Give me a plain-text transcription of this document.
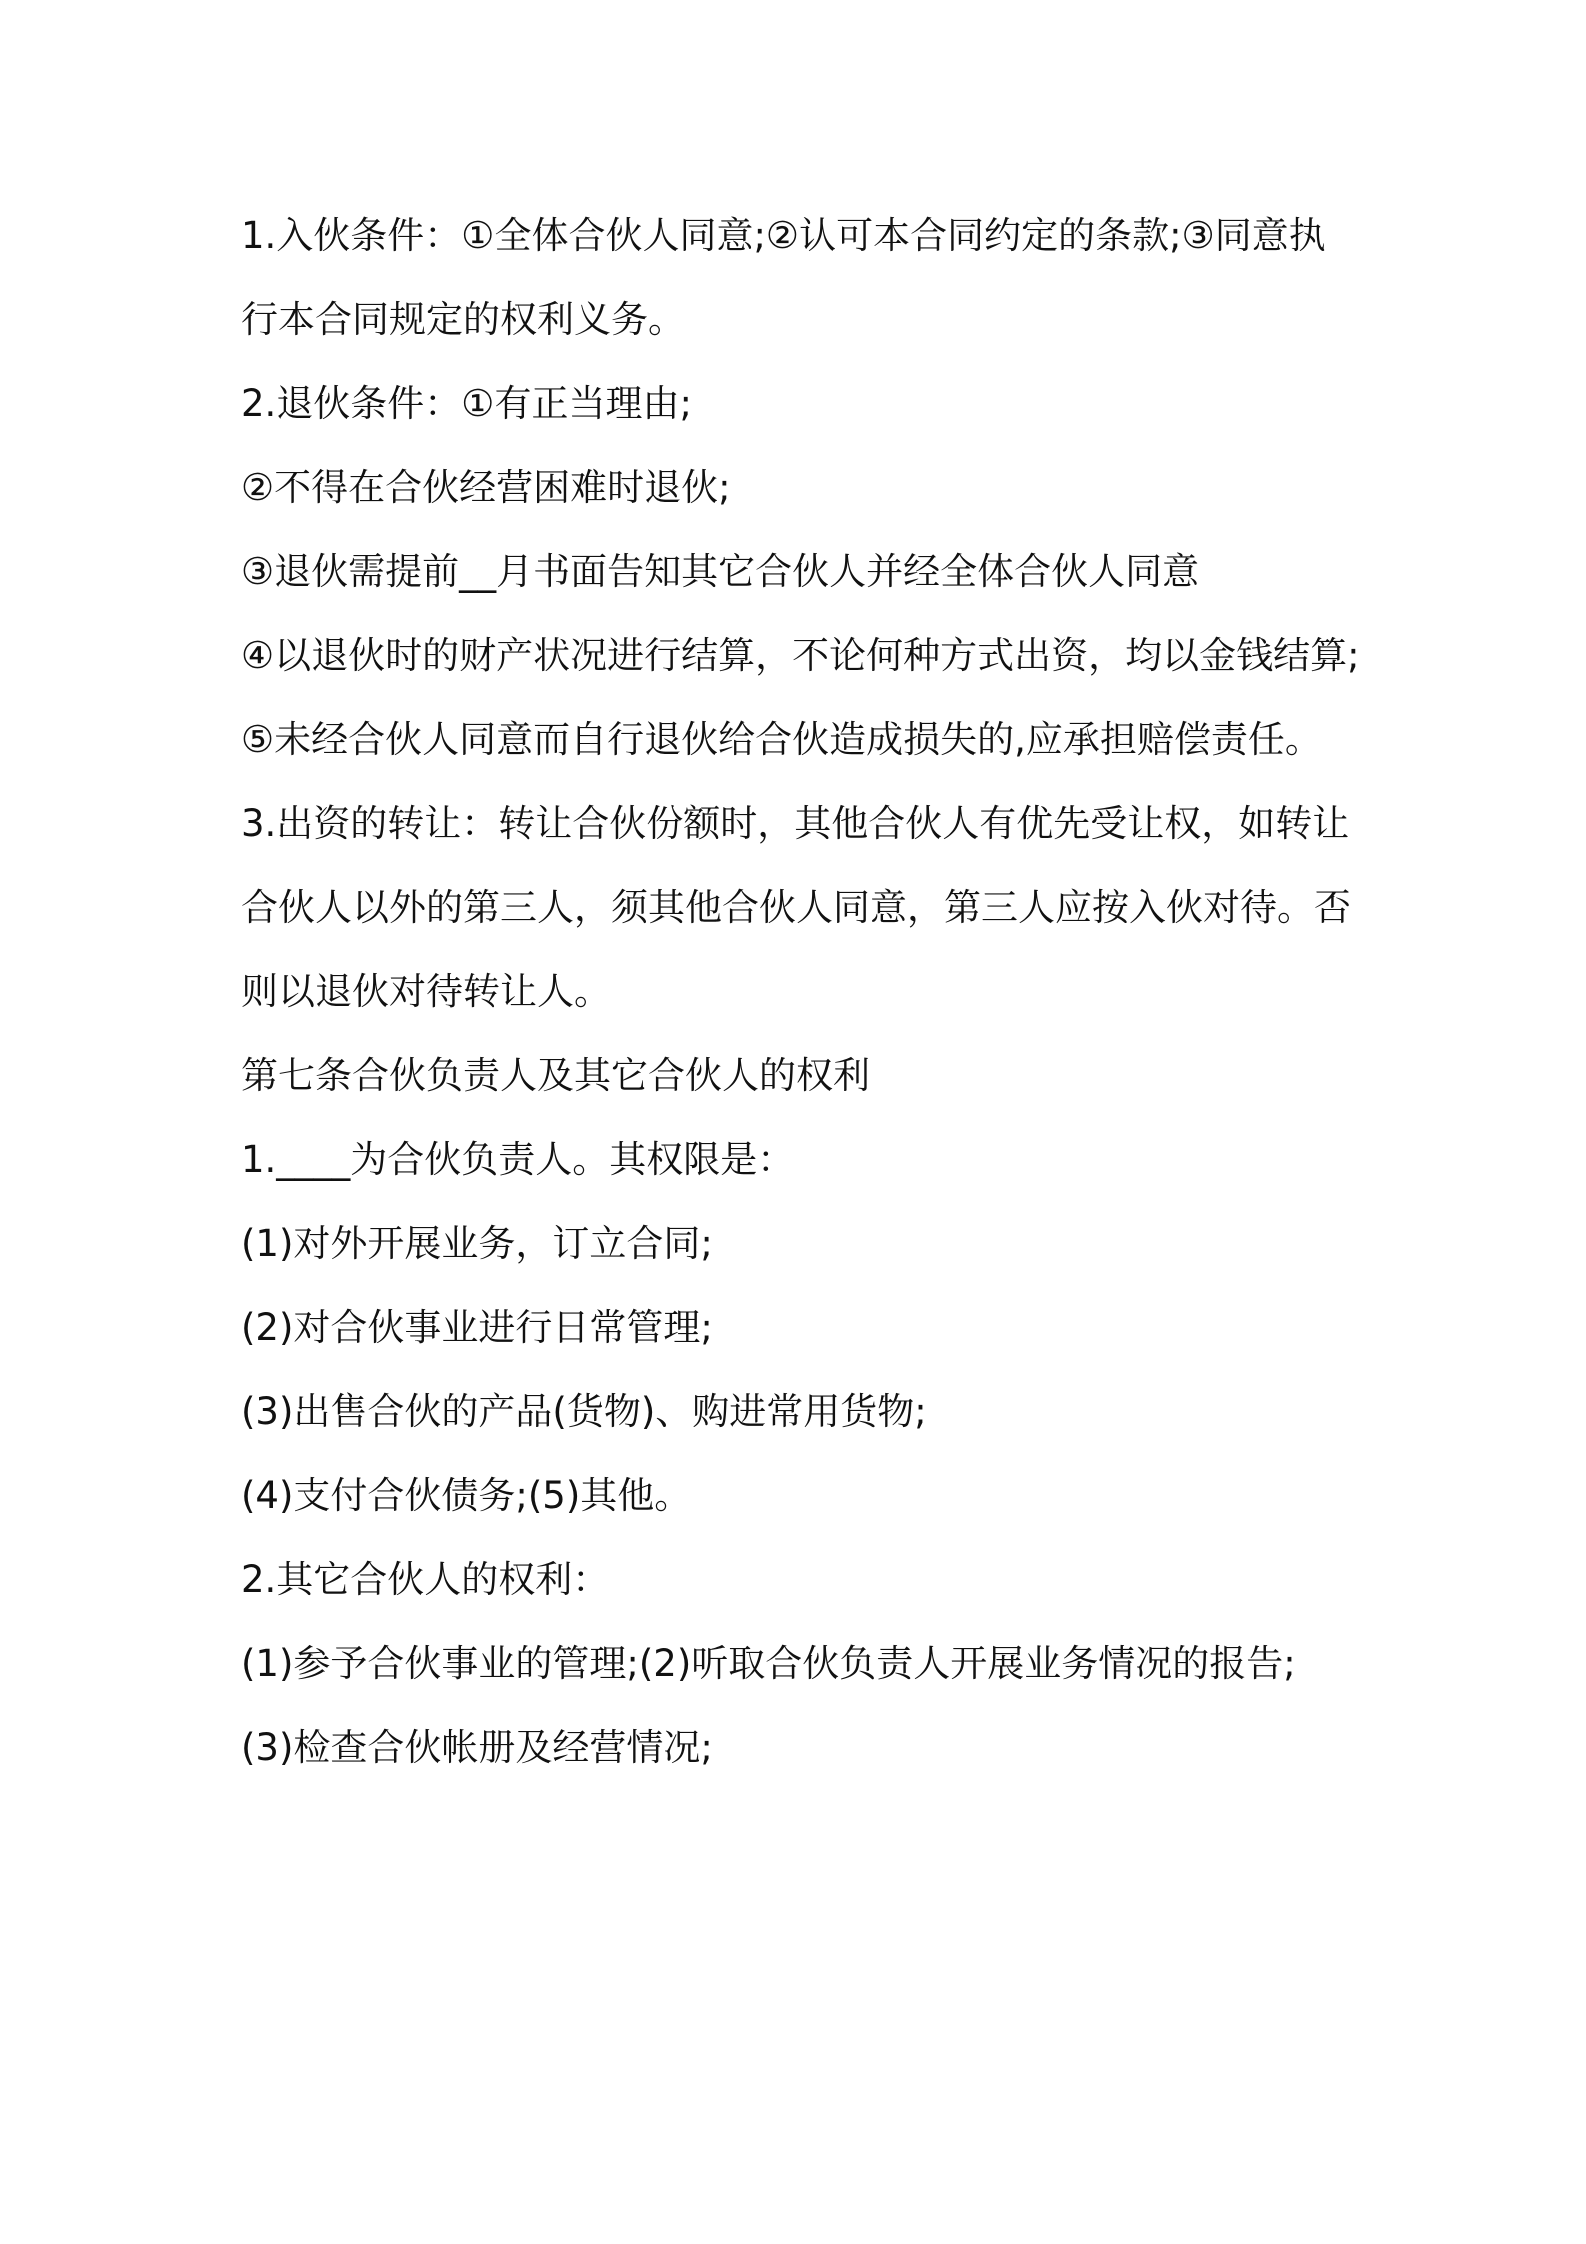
1.入伙条件：①全体合伙人同意;②认可本合同约定的条款;③同意执行本合同规定的权利义务。

2.退伙条件：①有正当理由;

②不得在合伙经营困难时退伙;

③退伙需提前__月书面告知其它合伙人并经全体合伙人同意

④以退伙时的财产状况进行结算，不论何种方式出资，均以金钱结算;

⑤未经合伙人同意而自行退伙给合伙造成损失的,应承担赔偿责任。

3.出资的转让：转让合伙份额时，其他合伙人有优先受让权，如转让合伙人以外的第三人，须其他合伙人同意，第三人应按入伙对待。否则以退伙对待转让人。

第七条合伙负责人及其它合伙人的权利

1.____为合伙负责人。其权限是：

(1)对外开展业务，订立合同;

(2)对合伙事业进行日常管理;

(3)出售合伙的产品(货物)、购进常用货物;

(4)支付合伙债务;(5)其他。

2.其它合伙人的权利：

(1)参予合伙事业的管理;(2)听取合伙负责人开展业务情况的报告;

(3)检查合伙帐册及经营情况;
